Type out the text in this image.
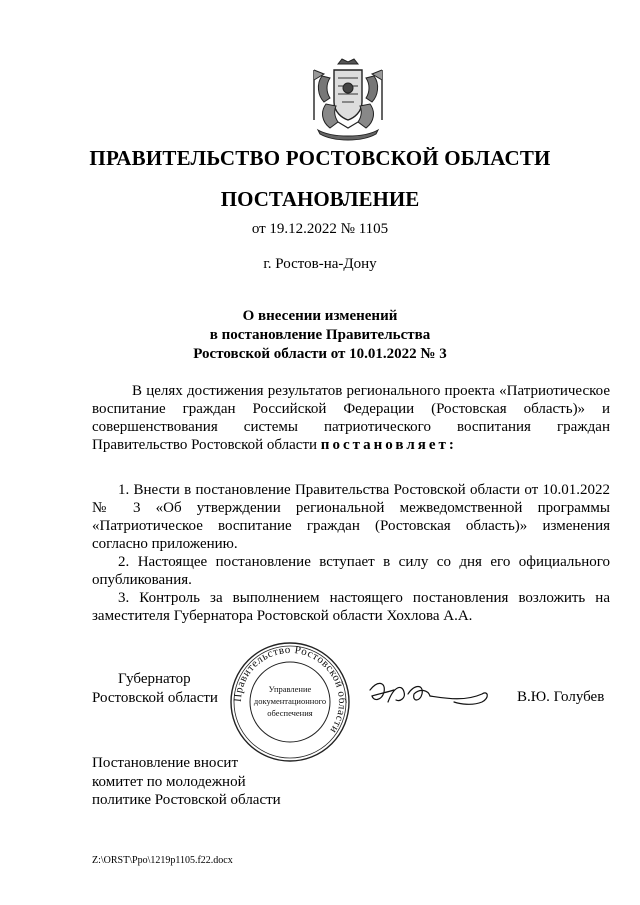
ПРАВИТЕЛЬСТВО РОСТОВСКОЙ ОБЛАСТИ
ПОСТАНОВЛЕНИЕ
от 19.12.2022 № 1105
г. Ростов-на-Дону
О внесении изменений
в постановление Правительства
Ростовской области от 10.01.2022 № 3
В целях достижения результатов регионального проекта «Патриотическое воспитание граждан Российской Федерации (Ростовская область)» и совершенствования системы патриотического воспитания граждан Правительство Ростовской области постановляет:

1. Внести в постановление Правительства Ростовской области от 10.01.2022 № 3 «Об утверждении региональной межведомственной программы «Патриотическое воспитание граждан (Ростовская область)» изменения согласно приложению.

2. Настоящее постановление вступает в силу со дня его официального опубликования.

3. Контроль за выполнением настоящего постановления возложить на заместителя Губернатора Ростовской области Хохлова А.А.

Губернатор
Ростовской области	Правительство Ростовской области
Управление
документационного
обеспечения
В.Ю. Голубев
Постановление вносит
комитет по молодежной
политике Ростовской области
Z:\ORST\Ppo\1219p1105.f22.docx
